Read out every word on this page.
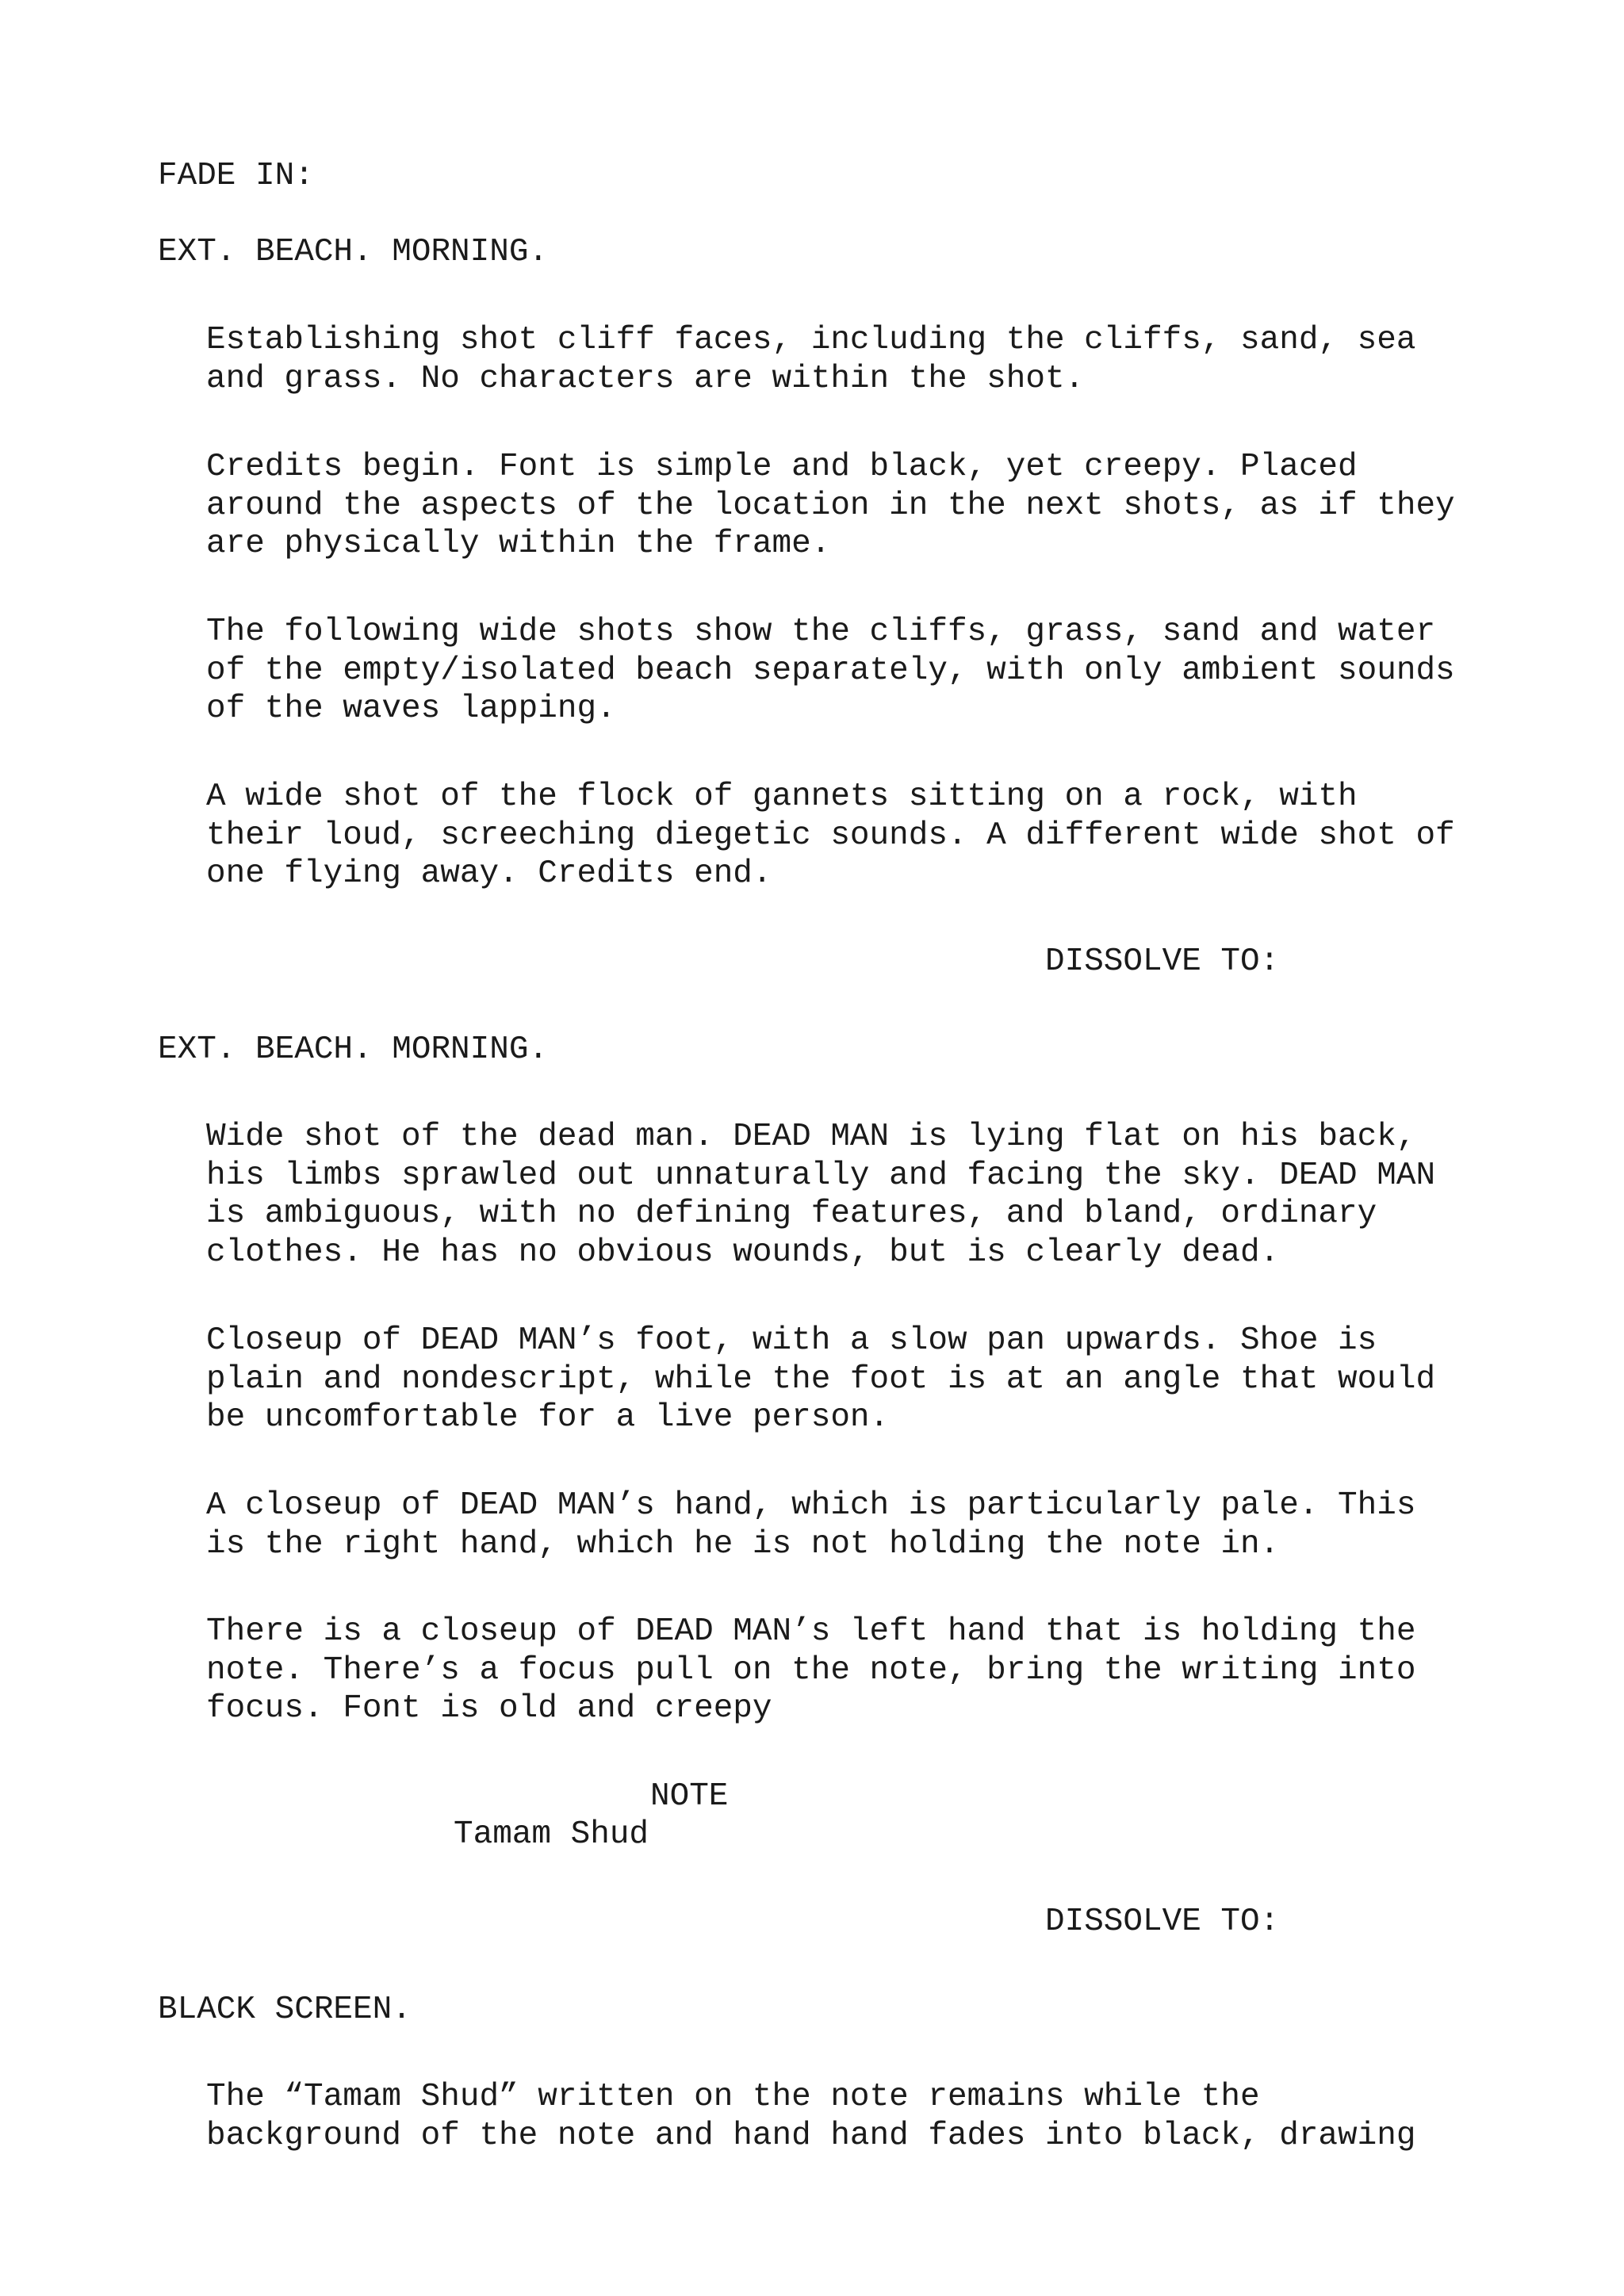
FADE IN:
EXT. BEACH. MORNING.
Establishing shot cliff faces, including the cliffs, sand, sea
and grass. No characters are within the shot.
Credits begin. Font is simple and black, yet creepy. Placed
around the aspects of the location in the next shots, as if they
are physically within the frame.
The following wide shots show the cliffs, grass, sand and water
of the empty/isolated beach separately, with only ambient sounds
of the waves lapping.
A wide shot of the flock of gannets sitting on a rock, with
their loud, screeching diegetic sounds. A different wide shot of
one flying away. Credits end.
DISSOLVE TO:
EXT. BEACH. MORNING.
Wide shot of the dead man. DEAD MAN is lying flat on his back,
his limbs sprawled out unnaturally and facing the sky. DEAD MAN
is ambiguous, with no defining features, and bland, ordinary
clothes. He has no obvious wounds, but is clearly dead.
Closeup of DEAD MAN’s foot, with a slow pan upwards. Shoe is
plain and nondescript, while the foot is at an angle that would
be uncomfortable for a live person.
A closeup of DEAD MAN’s hand, which is particularly pale. This
is the right hand, which he is not holding the note in.
There is a closeup of DEAD MAN’s left hand that is holding the
note. There’s a focus pull on the note, bring the writing into
focus. Font is old and creepy
NOTE
Tamam Shud
DISSOLVE TO:
BLACK SCREEN.
The “Tamam Shud” written on the note remains while the
background of the note and hand hand fades into black, drawing
